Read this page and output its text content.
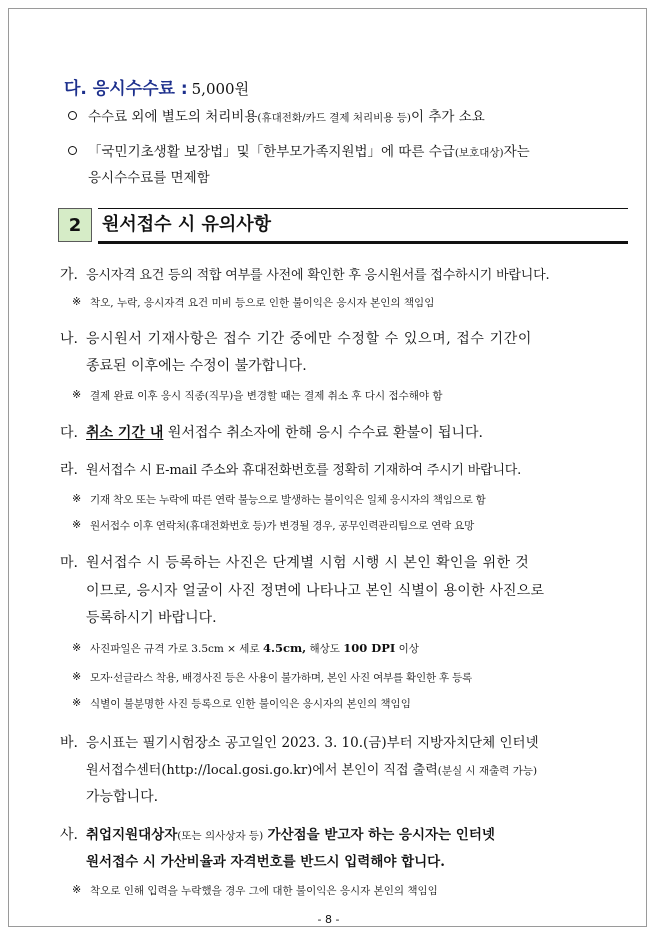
다. 응시수수료 : 5,000원
수수료 외에 별도의 처리비용(휴대전화/카드 결제 처리비용 등)이 추가 소요
「국민기초생활 보장법」및「한부모가족지원법」에 따른 수급(보호대상)자는
응시수수료를 면제함
2	원서접수 시 유의사항
가. 응시자격 요건 등의 적합 여부를 사전에 확인한 후 응시원서를 접수하시기 바랍니다.
※ 착오, 누락, 응시자격 요건 미비 등으로 인한 불이익은 응시자 본인의 책임임
나. 응시원서 기재사항은 접수 기간 중에만 수정할 수 있으며, 접수 기간이
종료된 이후에는 수정이 불가합니다.
※ 결제 완료 이후 응시 직종(직무)을 변경할 때는 결제 취소 후 다시 접수해야 함
다. 취소 기간 내 원서접수 취소자에 한해 응시 수수료 환불이 됩니다.
라. 원서접수 시 E-mail 주소와 휴대전화번호를 정확히 기재하여 주시기 바랍니다.
※ 기재 착오 또는 누락에 따른 연락 불능으로 발생하는 불이익은 일체 응시자의 책임으로 함
※ 원서접수 이후 연락처(휴대전화번호 등)가 변경될 경우, 공무인력관리팀으로 연락 요망
마. 원서접수 시 등록하는 사진은 단계별 시험 시행 시 본인 확인을 위한 것
이므로, 응시자 얼굴이 사진 정면에 나타나고 본인 식별이 용이한 사진으로
등록하시기 바랍니다.
※ 사진파일은 규격 가로 3.5cm × 세로 4.5cm, 해상도 100 DPI 이상
※ 모자·선글라스 착용, 배경사진 등은 사용이 불가하며, 본인 사진 여부를 확인한 후 등록
※ 식별이 불분명한 사진 등록으로 인한 불이익은 응시자의 본인의 책임임
바. 응시표는 필기시험장소 공고일인 2023. 3. 10.(금)부터 지방자치단체 인터넷
원서접수센터(http://local.gosi.go.kr)에서 본인이 직접 출력(분실 시 재출력 가능)
가능합니다.
사. 취업지원대상자(또는 의사상자 등) 가산점을 받고자 하는 응시자는 인터넷
원서접수 시 가산비율과 자격번호를 반드시 입력해야 합니다.
※ 착오로 인해 입력을 누락했을 경우 그에 대한 불이익은 응시자 본인의 책임임
- 8 -
